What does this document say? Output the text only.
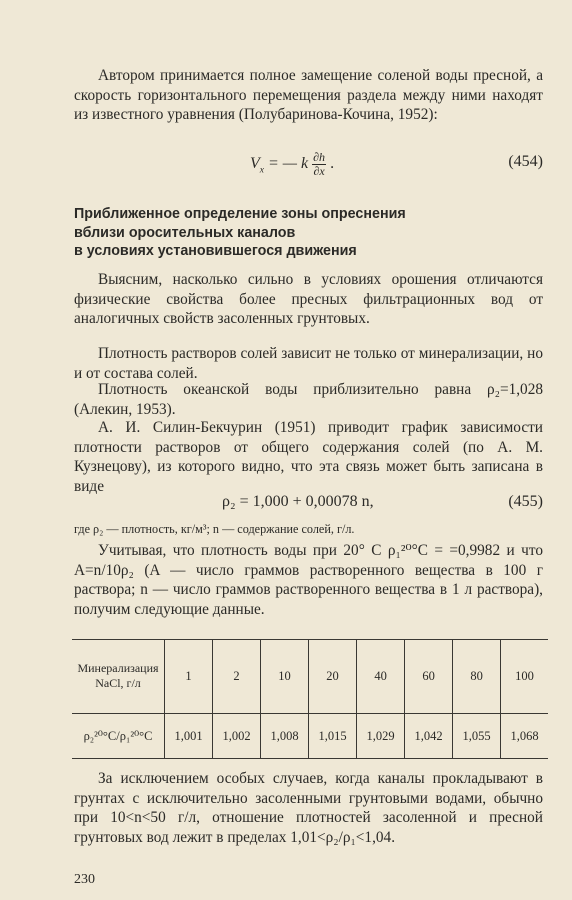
Автором принимается полное замещение соленой воды пресной, а скорость горизонтального перемещения раздела между ними находят из известного уравнения (Полубаринова-Кочина, 1952):

$V_x$ = — k $\frac{\partial h}{\partial x}$ .	(454)
Приближенное определение зоны опреснения
вблизи оросительных каналов
в условиях установившегося движения

Выясним, насколько сильно в условиях орошения отличаются физические свойства более пресных фильтрационных вод от аналогичных свойств засоленных грунтовых.

Плотность растворов солей зависит не только от минерализации, но и от состава солей.

Плотность океанской воды приблизительно равна ρ₂=1,028 (Алекин, 1953).

А. И. Силин-Бекчурин (1951) приводит график зависимости плотности растворов от общего содержания солей (по А. М. Кузнецову), из которого видно, что эта связь может быть записана в виде

ρ₂ = 1,000 + 0,00078 n,	(455)
где ρ₂ — плотность, кг/м³; n — содержание солей, г/л.

Учитывая, что плотность воды при 20° C ρ₁²⁰°C = =0,9982 и что A=n/10ρ₂ (A — число граммов растворенного вещества в 100 г раствора; n — число граммов растворенного вещества в 1 л раствора), получим следующие данные.

Минерализация NaCl, г/л	1	2	10	20	40	60	80	100
ρ₂²⁰°C/ρ₁²⁰°C	1,001	1,002	1,008	1,015	1,029	1,042	1,055	1,068

За исключением особых случаев, когда каналы прокладывают в грунтах с исключительно засоленными грунтовыми водами, обычно при 10<n<50 г/л, отношение плотностей засоленной и пресной грунтовых вод лежит в пределах 1,01<ρ₂/ρ₁<1,04.

230
